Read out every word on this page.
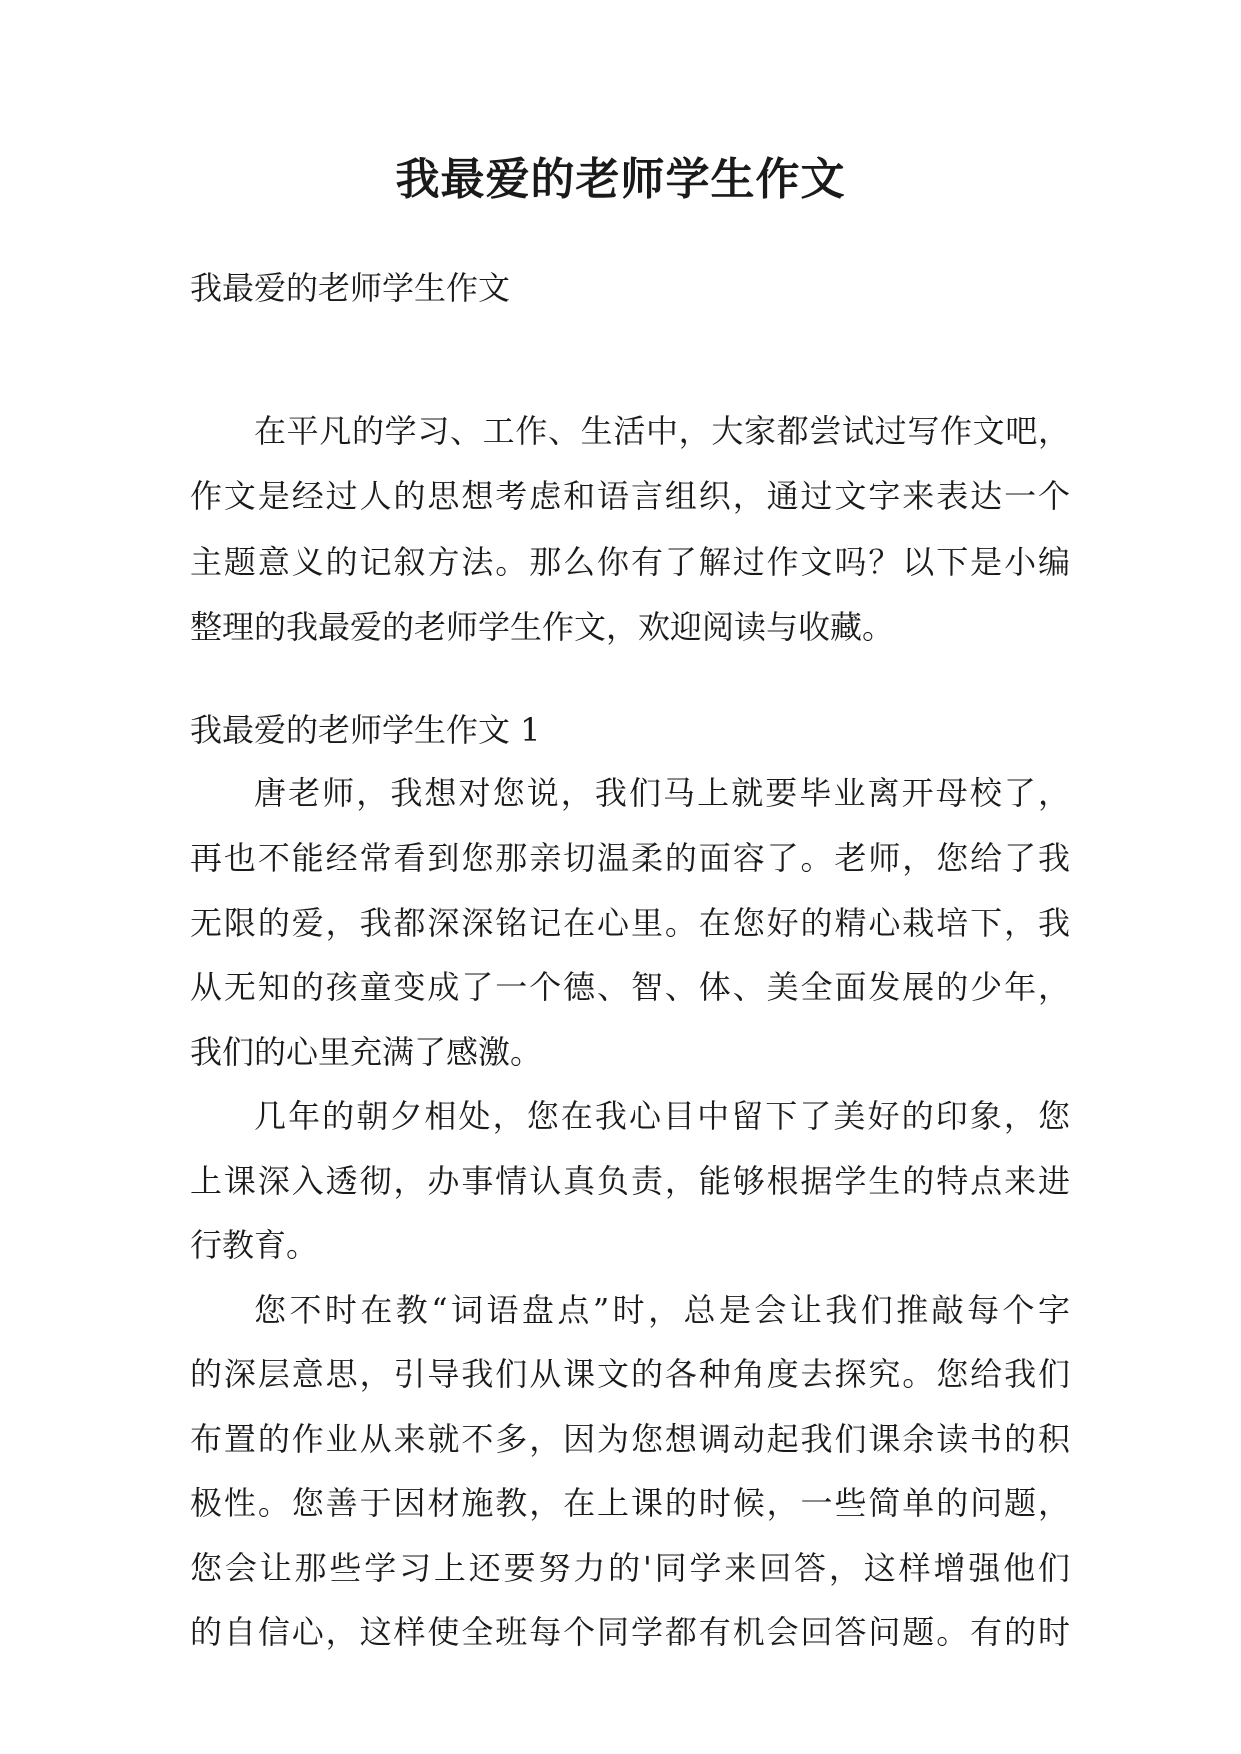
我最爱的老师学生作文
我最爱的老师学生作文
在平凡的学习、工作、生活中，大家都尝试过写作文吧，
作文是经过人的思想考虑和语言组织，通过文字来表达一个
主题意义的记叙方法。那么你有了解过作文吗？以下是小编
整理的我最爱的老师学生作文，欢迎阅读与收藏。
我最爱的老师学生作文 1
唐老师，我想对您说，我们马上就要毕业离开母校了，
再也不能经常看到您那亲切温柔的面容了。老师，您给了我
无限的爱，我都深深铭记在心里。在您好的精心栽培下，我
从无知的孩童变成了一个德、智、体、美全面发展的少年，
我们的心里充满了感激。
几年的朝夕相处，您在我心目中留下了美好的印象，您
上课深入透彻，办事情认真负责，能够根据学生的特点来进
行教育。
您不时在教“词语盘点”时，总是会让我们推敲每个字
的深层意思，引导我们从课文的各种角度去探究。您给我们
布置的作业从来就不多，因为您想调动起我们课余读书的积
极性。您善于因材施教，在上课的时候，一些简单的问题，
您会让那些学习上还要努力的'同学来回答，这样增强他们
的自信心，这样使全班每个同学都有机会回答问题。有的时
